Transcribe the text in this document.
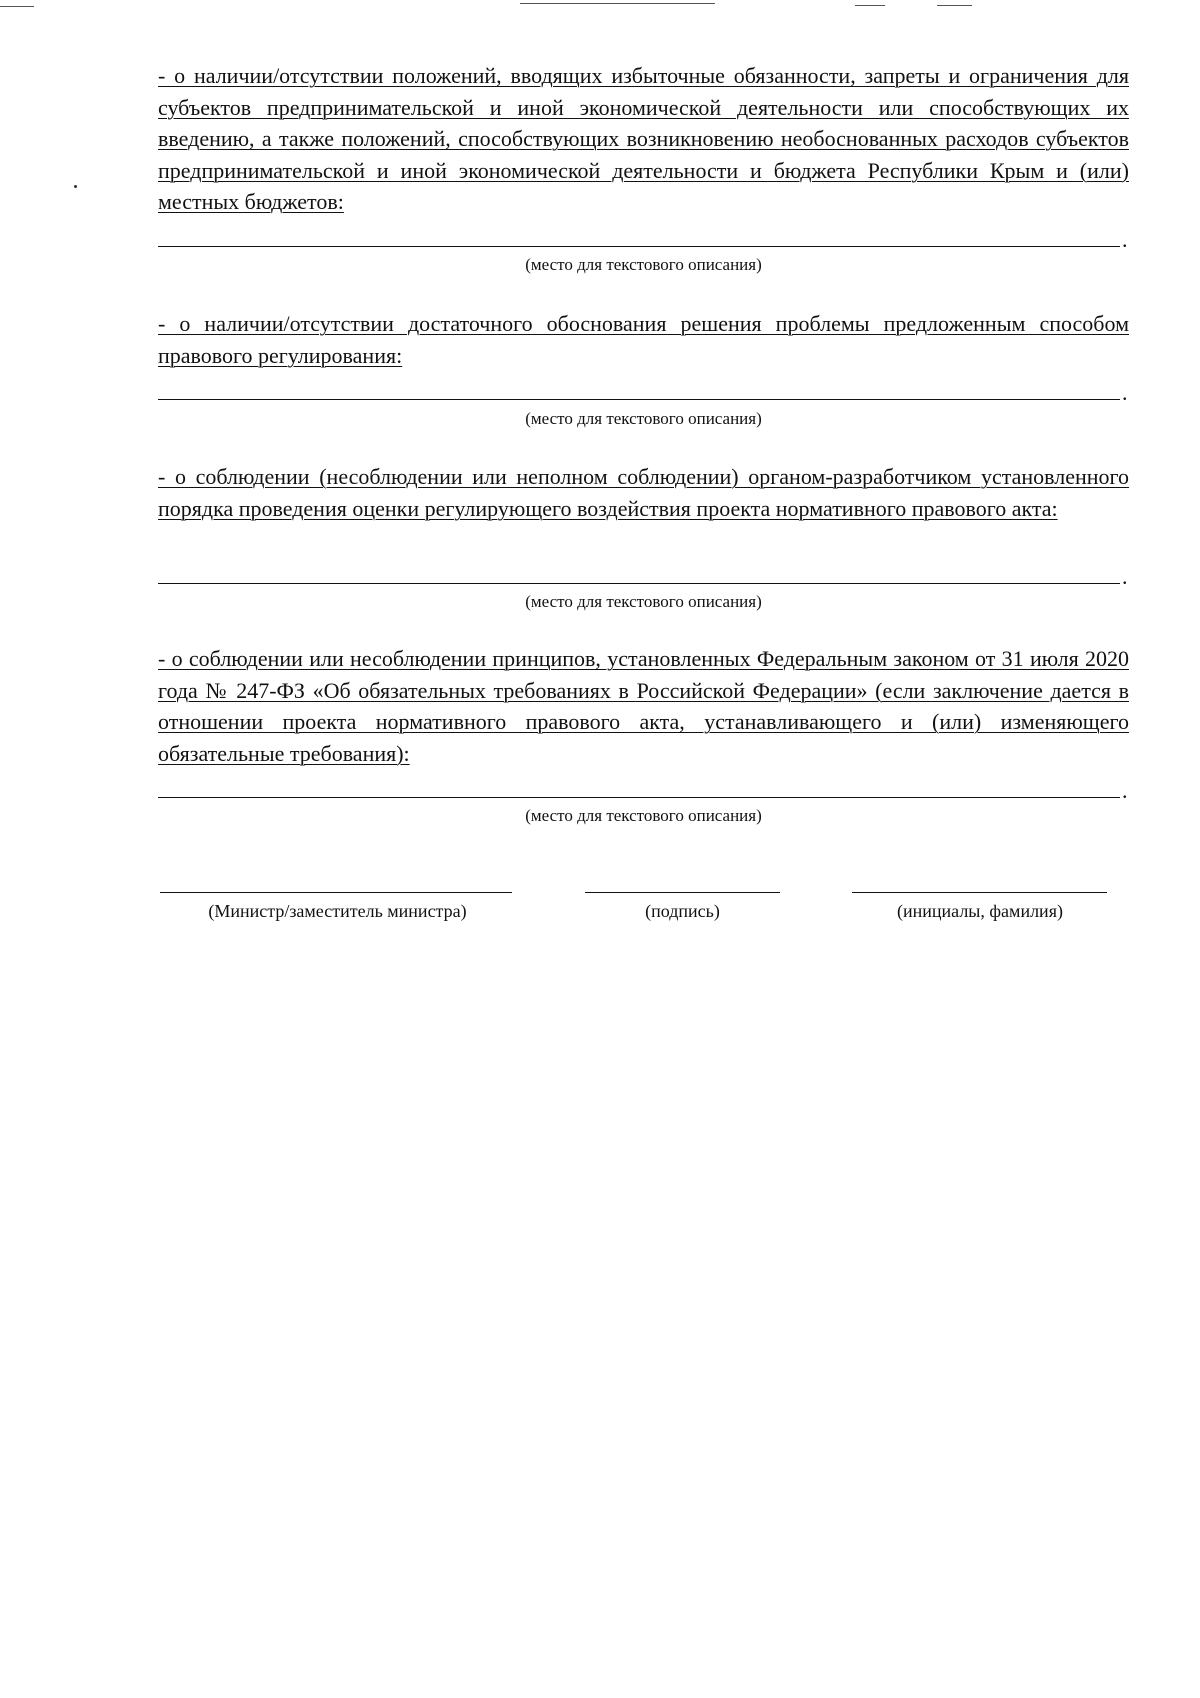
- о наличии/отсутствии положений, вводящих избыточные обязанности, запреты и ограничения для субъектов предпринимательской и иной экономической деятельности или способствующих их введению, а также положений, способствующих возникновению необоснованных расходов субъектов предпринимательской и иной экономической деятельности и бюджета Республики Крым и (или) местных бюджетов:
.
(место для текстового описания)
- о наличии/отсутствии достаточного обоснования решения проблемы предложенным способом правового регулирования:
.
(место для текстового описания)
- о соблюдении (несоблюдении или неполном соблюдении) органом-разработчиком установленного порядка проведения оценки регулирующего воздействия проекта нормативного правового акта:
.
(место для текстового описания)
- о соблюдении или несоблюдении принципов, установленных Федеральным законом от 31 июля 2020 года № 247-ФЗ «Об обязательных требованиях в Российской Федерации» (если заключение дается в отношении проекта нормативного правового акта, устанавливающего и (или) изменяющего обязательные требования):
.
(место для текстового описания)
(Министр/заместитель министра)	(подпись)	(инициалы, фамилия)
